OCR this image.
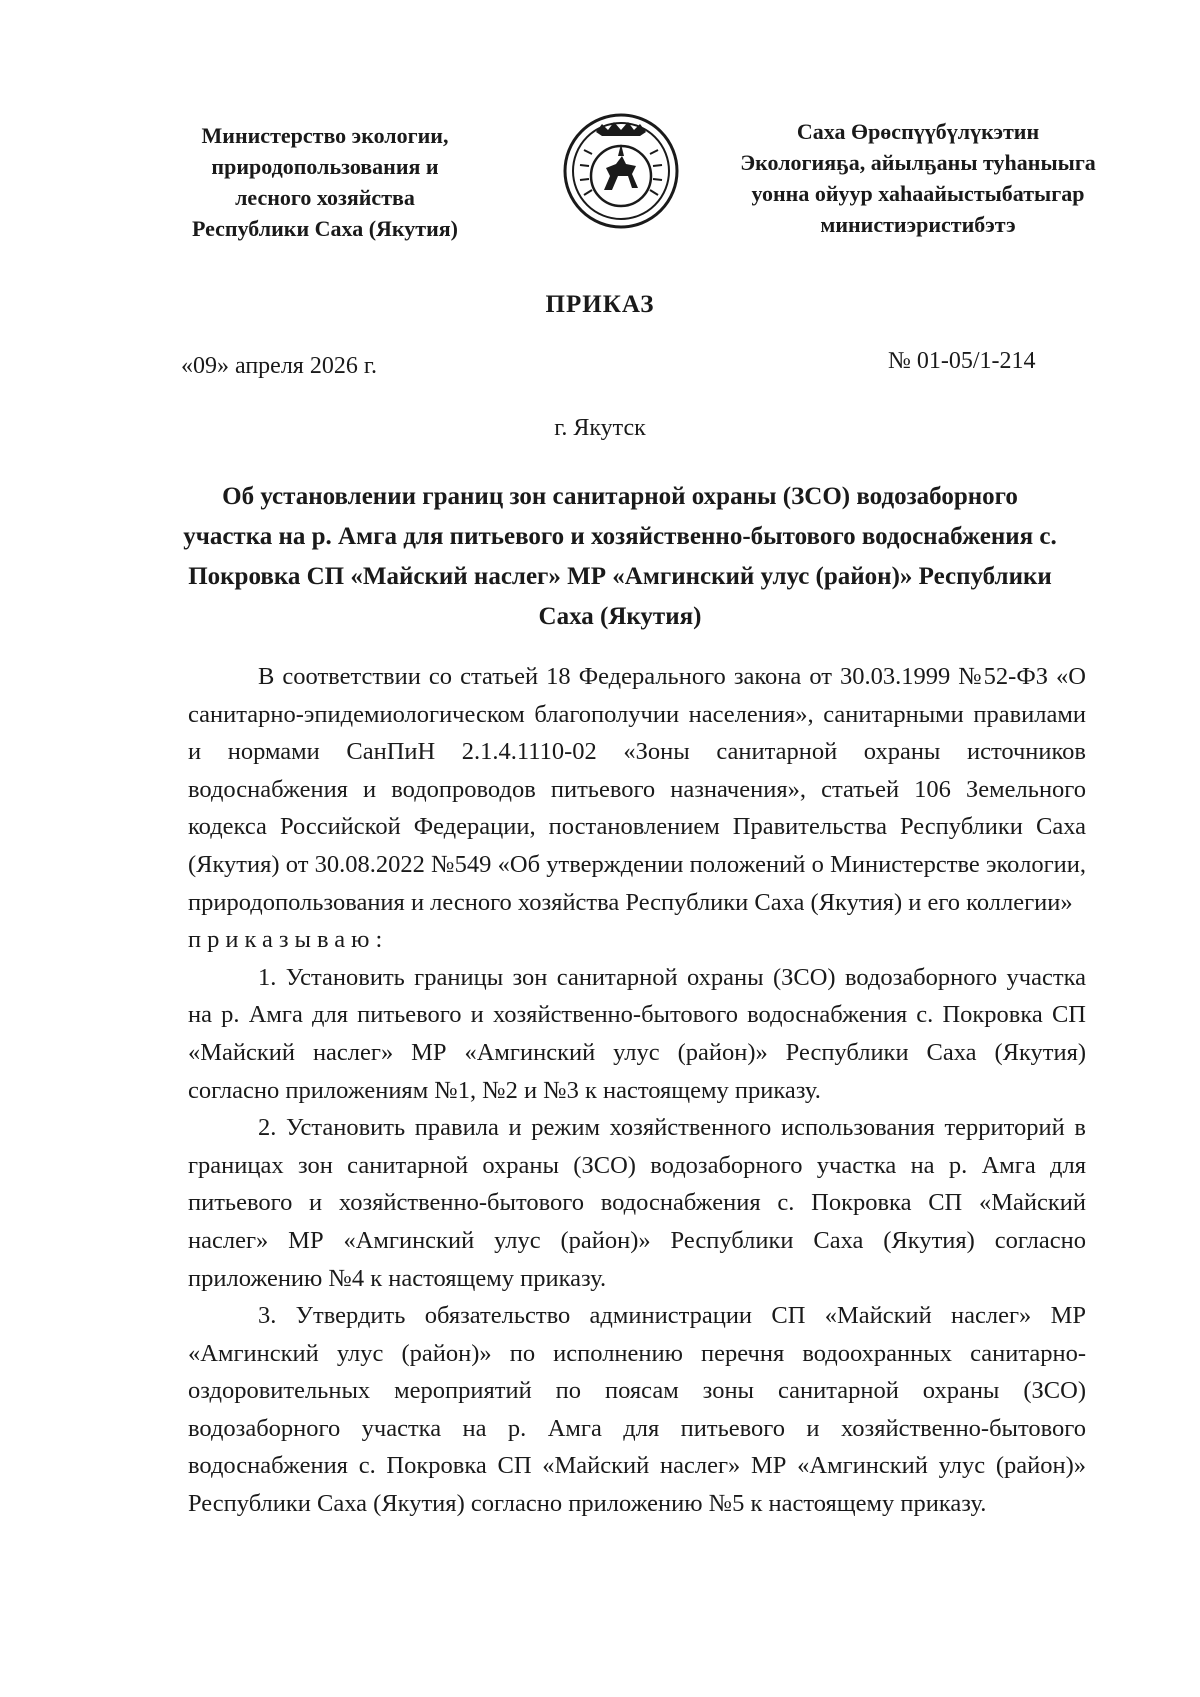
Министерство экологии,
природопользования и
лесного хозяйства
Республики Саха (Якутия)
Саха Өрөспүүбүлүкэтин
Экологияҕа, айылҕаны туһаныыга
уонна ойуур хаһаайыстыбатыгар
министиэристибэтэ
ПРИКАЗ
«09» апреля 2026 г.	№ 01-05/1-214
г. Якутск
Об установлении границ зон санитарной охраны (ЗСО) водозаборного участка на р. Амга для питьевого и хозяйственно-бытового водоснабжения с. Покровка СП «Майский наслег» МР «Амгинский улус (район)» Республики Саха (Якутия)

В соответствии со статьей 18 Федерального закона от 30.03.1999 №52-ФЗ «О санитарно-эпидемиологическом благополучии населения», санитарными правилами и нормами СанПиН 2.1.4.1110-02 «Зоны санитарной охраны источников водоснабжения и водопроводов питьевого назначения», статьей 106 Земельного кодекса Российской Федерации, постановлением Правительства Республики Саха (Якутия) от 30.08.2022 №549 «Об утверждении положений о Министерстве экологии, природопользования и лесного хозяйства Республики Саха (Якутия) и его коллегии»

приказываю:

1. Установить границы зон санитарной охраны (ЗСО) водозаборного участка на р. Амга для питьевого и хозяйственно-бытового водоснабжения с. Покровка СП «Майский наслег» МР «Амгинский улус (район)» Республики Саха (Якутия) согласно приложениям №1, №2 и №3 к настоящему приказу.

2. Установить правила и режим хозяйственного использования территорий в границах зон санитарной охраны (ЗСО) водозаборного участка на р. Амга для питьевого и хозяйственно-бытового водоснабжения с. Покровка СП «Майский наслег» МР «Амгинский улус (район)» Республики Саха (Якутия) согласно приложению №4 к настоящему приказу.

3. Утвердить обязательство администрации СП «Майский наслег» МР «Амгинский улус (район)» по исполнению перечня водоохранных санитарно-оздоровительных мероприятий по поясам зоны санитарной охраны (ЗСО) водозаборного участка на р. Амга для питьевого и хозяйственно-бытового водоснабжения с. Покровка СП «Майский наслег» МР «Амгинский улус (район)» Республики Саха (Якутия) согласно приложению №5 к настоящему приказу.
